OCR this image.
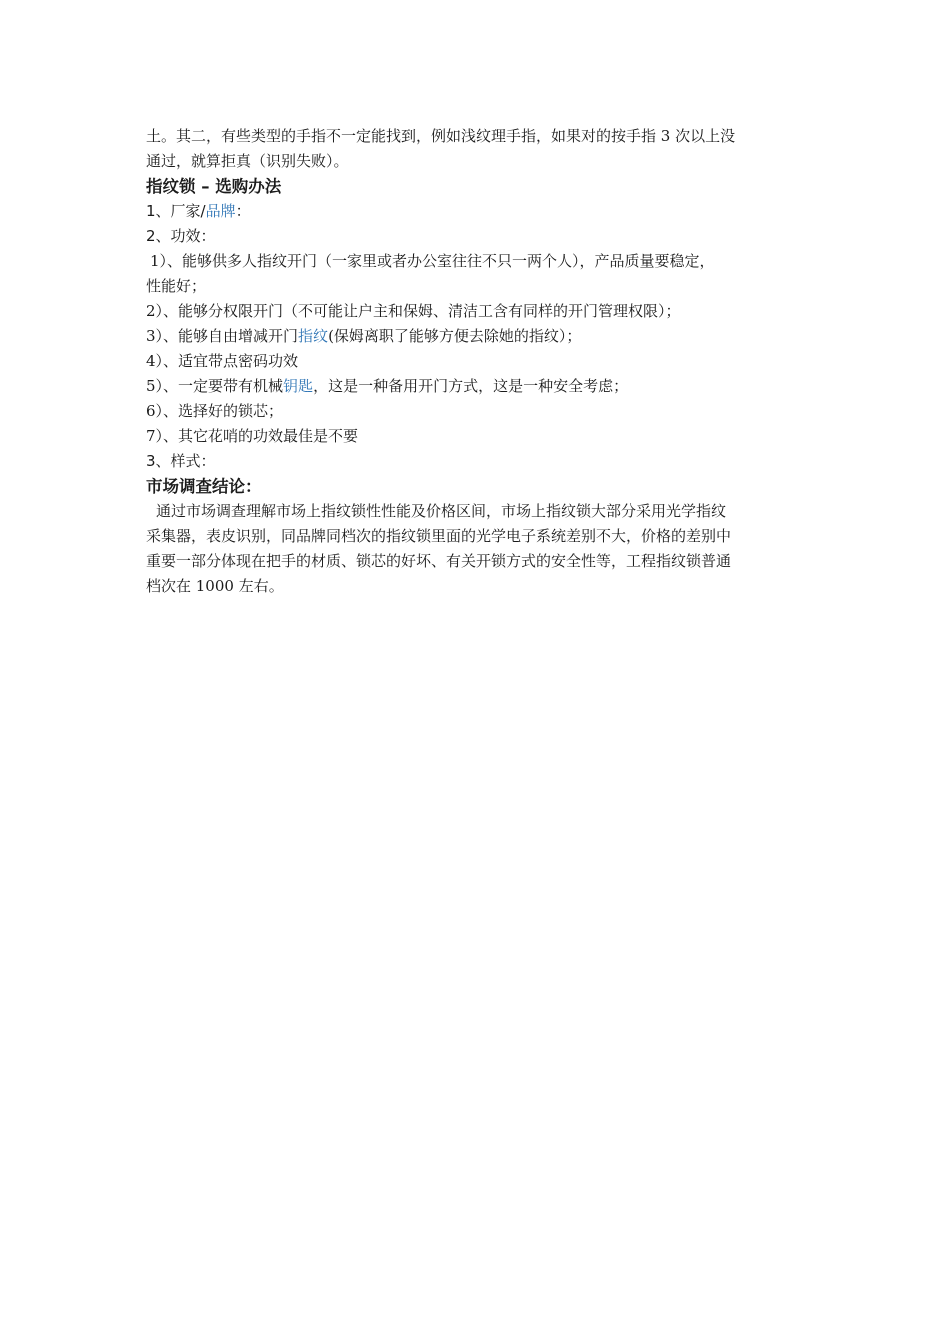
土。其二，有些类型的手指不一定能找到，例如浅纹理手指，如果对的按手指 3 次以上没
通过，就算拒真（识别失败）。
指纹锁 – 选购办法
1、厂家/品牌：
2、功效：
1）、能够供多人指纹开门（一家里或者办公室往往不只一两个人），产品质量要稳定，
性能好；
2）、能够分权限开门（不可能让户主和保姆、清洁工含有同样的开门管理权限）；
3）、能够自由增减开门指纹(保姆离职了能够方便去除她的指纹）；
4）、适宜带点密码功效
5）、一定要带有机械钥匙，这是一种备用开门方式，这是一种安全考虑；
6）、选择好的锁芯；
7）、其它花哨的功效最佳是不要
3、样式：
市场调查结论：
通过市场调查理解市场上指纹锁性性能及价格区间，市场上指纹锁大部分采用光学指纹
采集器，表皮识别，同品牌同档次的指纹锁里面的光学电子系统差别不大，价格的差别中
重要一部分体现在把手的材质、锁芯的好坏、有关开锁方式的安全性等，工程指纹锁普通
档次在 1000 左右。
